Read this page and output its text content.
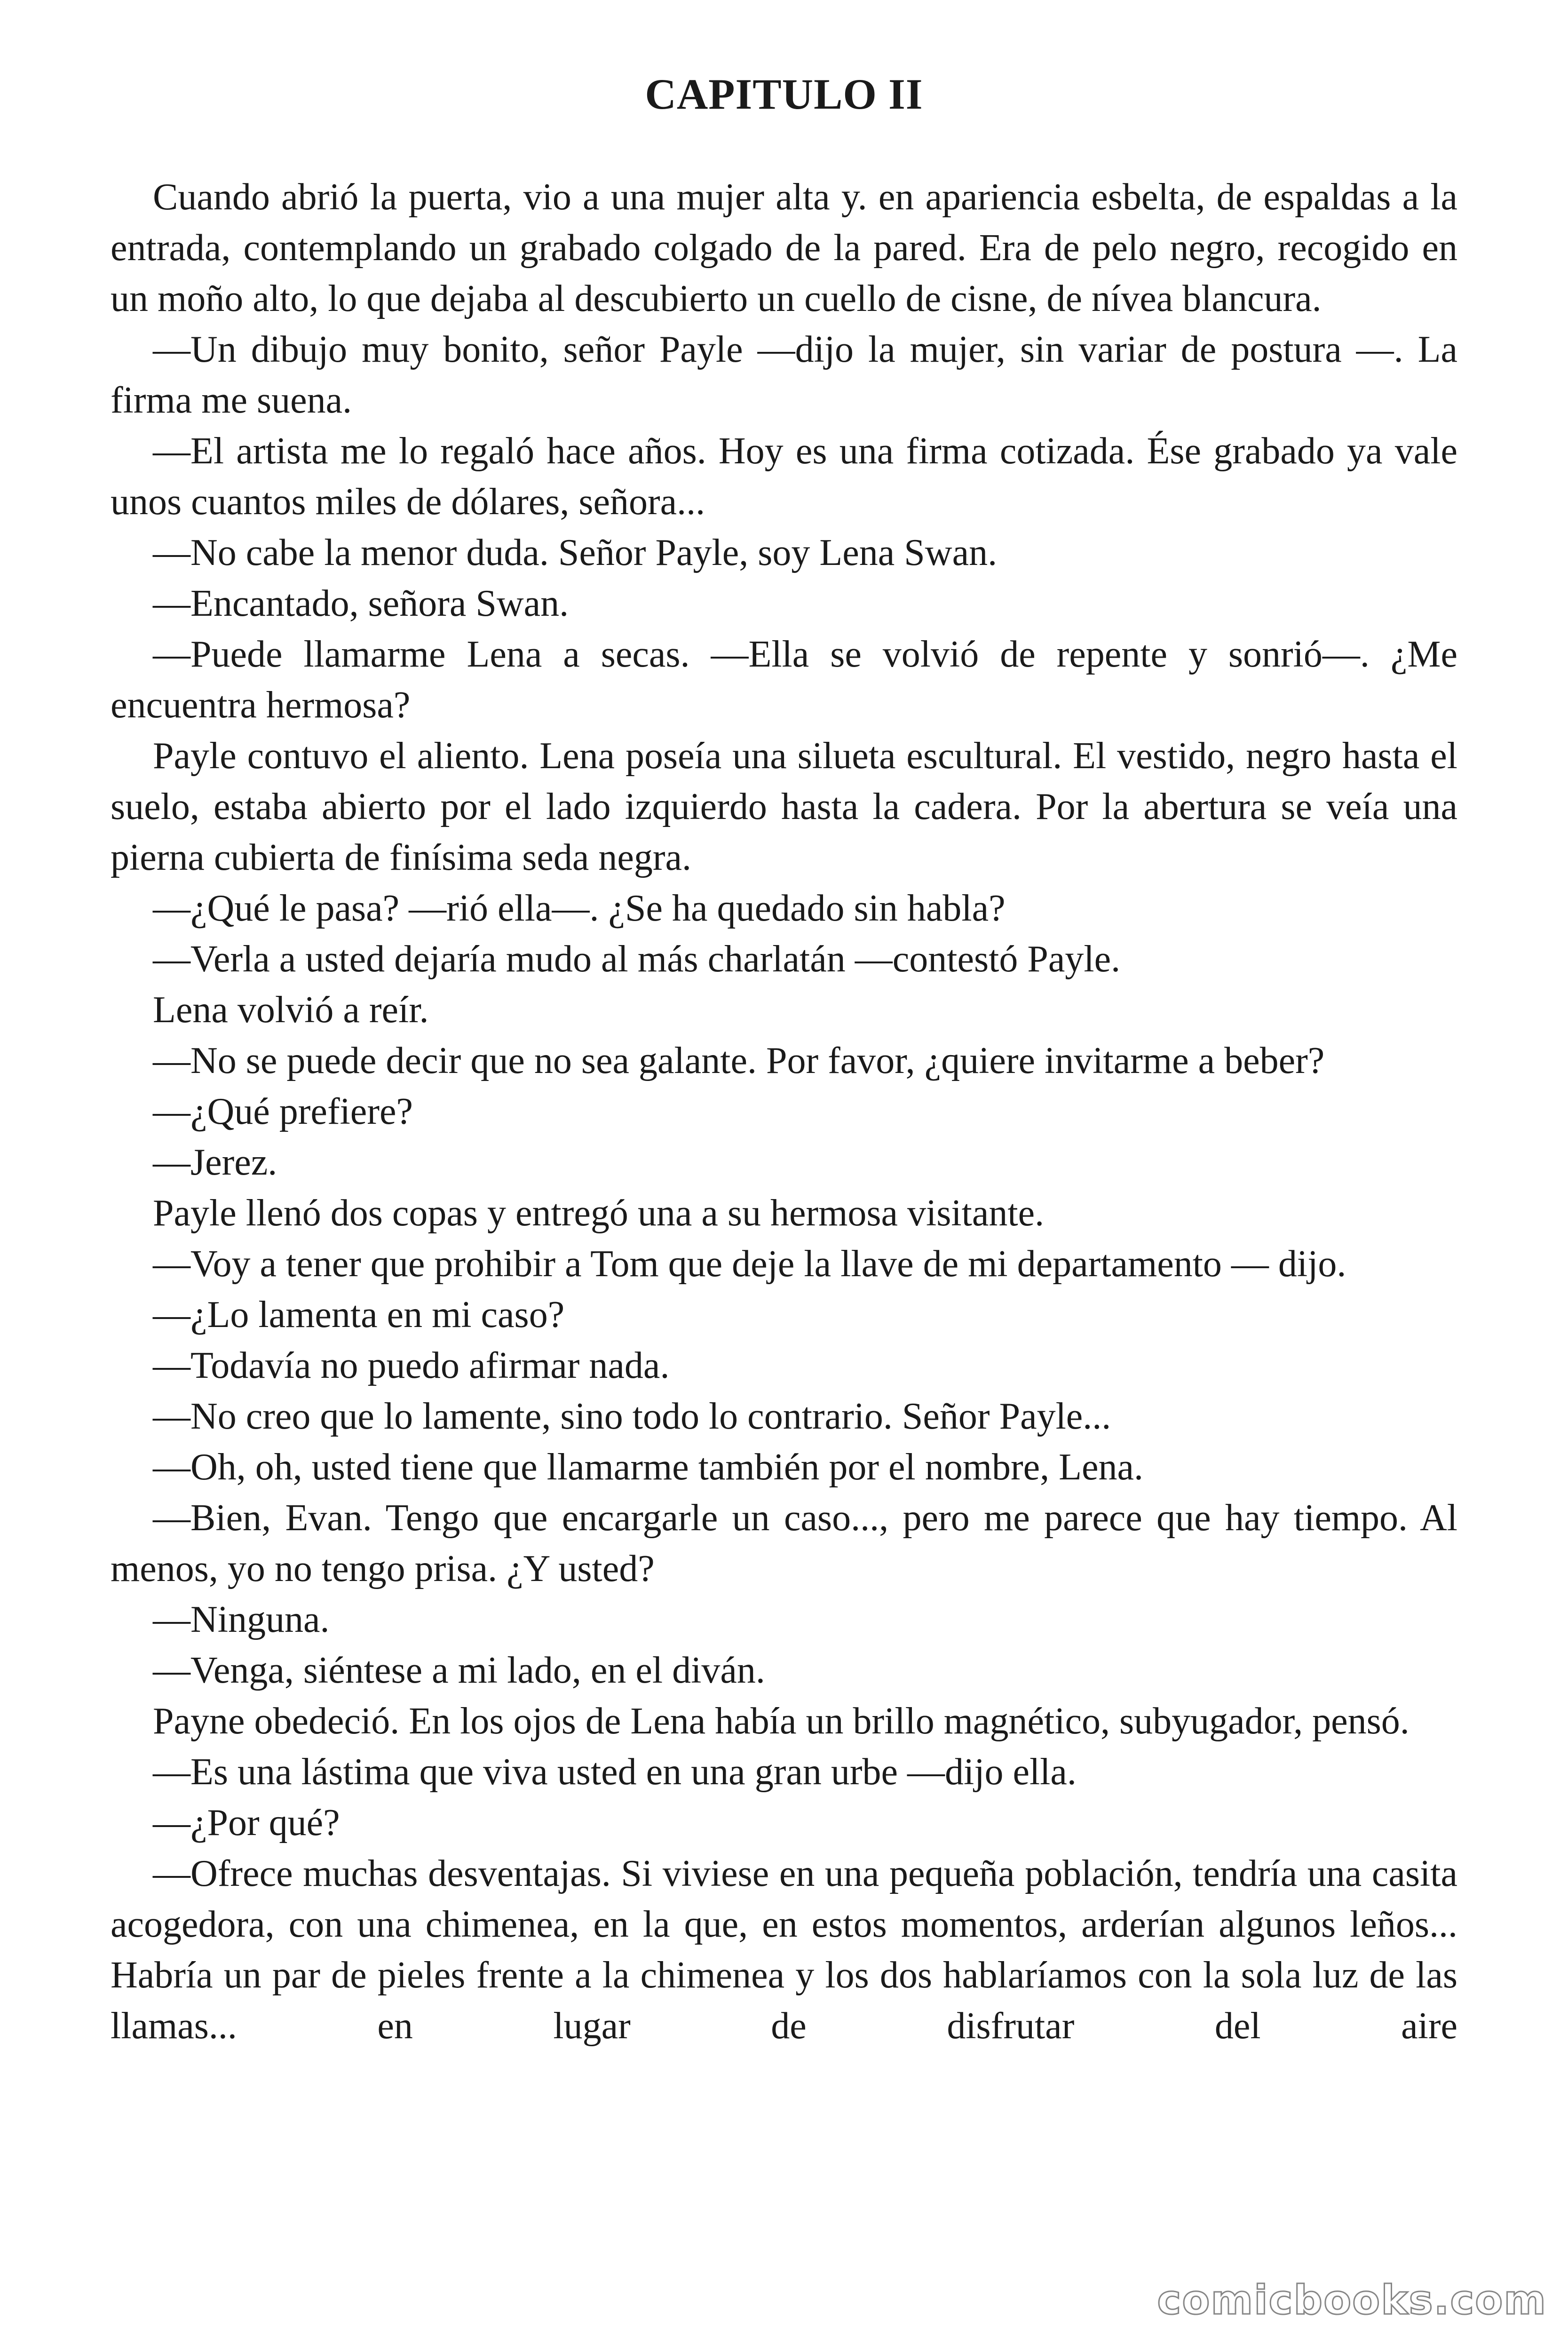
CAPITULO II

Cuando abrió la puerta, vio a una mujer alta y. en apariencia esbelta, de espaldas a la entrada, contemplando un grabado colgado de la pared. Era de pelo negro, recogido en un moño alto, lo que dejaba al descubierto un cuello de cisne, de nívea blancura.

—Un dibujo muy bonito, señor Payle —dijo la mujer, sin variar de postura —. La firma me suena.

—El artista me lo regaló hace años. Hoy es una firma cotizada. Ése grabado ya vale unos cuantos miles de dólares, señora...

—No cabe la menor duda. Señor Payle, soy Lena Swan.

—Encantado, señora Swan.

—Puede llamarme Lena a secas. —Ella se volvió de repente y sonrió—. ¿Me encuentra hermosa?

Payle contuvo el aliento. Lena poseía una silueta escultural. El vestido, negro hasta el suelo, estaba abierto por el lado izquierdo hasta la cadera. Por la abertura se veía una pierna cubierta de finísima seda negra.

—¿Qué le pasa? —rió ella—. ¿Se ha quedado sin habla?

—Verla a usted dejaría mudo al más charlatán —contestó Payle.

Lena volvió a reír.

—No se puede decir que no sea galante. Por favor, ¿quiere invitarme a beber?

—¿Qué prefiere?

—Jerez.

Payle llenó dos copas y entregó una a su hermosa visitante.

—Voy a tener que prohibir a Tom que deje la llave de mi departamento — dijo.

—¿Lo lamenta en mi caso?

—Todavía no puedo afirmar nada.

—No creo que lo lamente, sino todo lo contrario. Señor Payle...

—Oh, oh, usted tiene que llamarme también por el nombre, Lena.

—Bien, Evan. Tengo que encargarle un caso..., pero me parece que hay tiempo. Al menos, yo no tengo prisa. ¿Y usted?

—Ninguna.

—Venga, siéntese a mi lado, en el diván.

Payne obedeció. En los ojos de Lena había un brillo magnético, subyugador, pensó.

—Es una lástima que viva usted en una gran urbe —dijo ella.

—¿Por qué?

—Ofrece muchas desventajas. Si viviese en una pequeña población, tendría una casita acogedora, con una chimenea, en la que, en estos momentos, arderían algunos leños... Habría un par de pieles frente a la chimenea y los dos hablaríamos con la sola luz de las llamas... en lugar de disfrutar del aire

comicbooks.com
